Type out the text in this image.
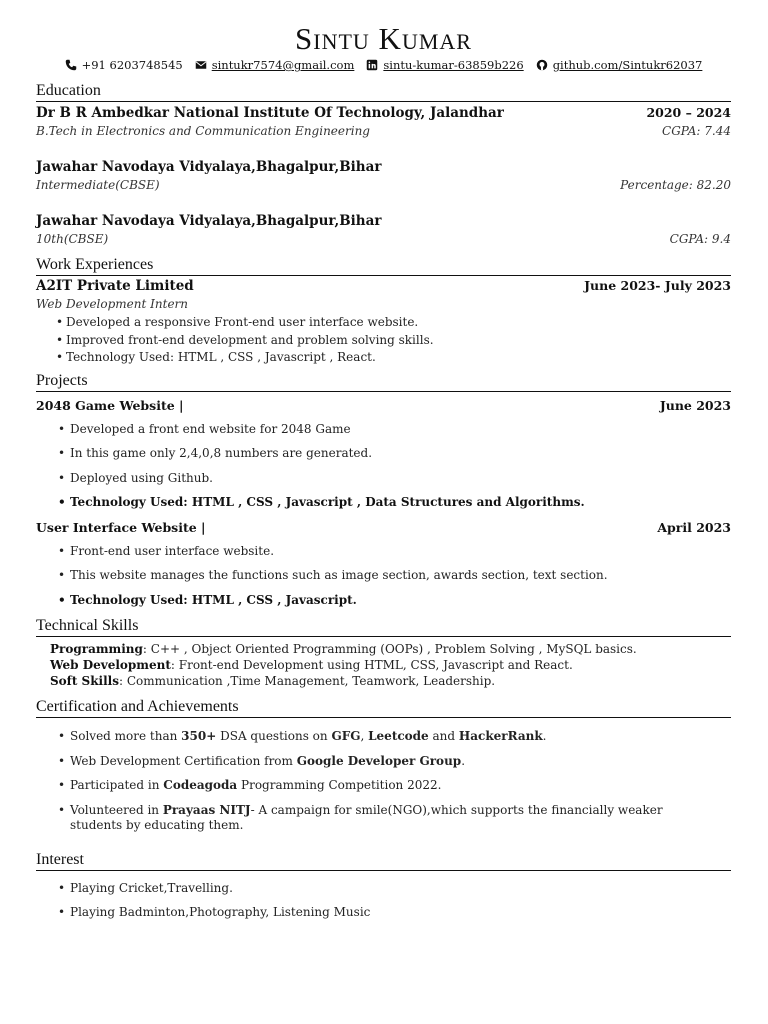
Sintu Kumar
+91 6203748545	sintukr7574@gmail.com	sintu-kumar-63859b226	github.com/Sintukr62037
Education
Dr B R Ambedkar National Institute Of Technology, Jalandhar	2020 – 2024
B.Tech in Electronics and Communication Engineering	CGPA: 7.44
Jawahar Navodaya Vidyalaya,Bhagalpur,Bihar
Intermediate(CBSE)	Percentage: 82.20
Jawahar Navodaya Vidyalaya,Bhagalpur,Bihar
10th(CBSE)	CGPA: 9.4
Work Experiences
A2IT Private Limited	June 2023- July 2023
Web Development Intern
• Developed a responsive Front-end user interface website.
• Improved front-end development and problem solving skills.
• Technology Used: HTML , CSS , Javascript , React.
Projects
2048 Game Website |	June 2023
• Developed a front end website for 2048 Game
• In this game only 2,4,0,8 numbers are generated.
• Deployed using Github.
• Technology Used: HTML , CSS , Javascript , Data Structures and Algorithms.
User Interface Website |	April 2023
• Front-end user interface website.
• This website manages the functions such as image section, awards section, text section.
• Technology Used: HTML , CSS , Javascript.
Technical Skills
Programming: C++ , Object Oriented Programming (OOPs) , Problem Solving , MySQL basics.
Web Development: Front-end Development using HTML, CSS, Javascript and React.
Soft Skills: Communication ,Time Management, Teamwork, Leadership.
Certification and Achievements
• Solved more than 350+ DSA questions on GFG, Leetcode and HackerRank.
• Web Development Certification from Google Developer Group.
• Participated in Codeagoda Programming Competition 2022.
• Volunteered in Prayaas NITJ- A campaign for smile(NGO),which supports the financially weaker students by educating them.
Interest
• Playing Cricket,Travelling.
• Playing Badminton,Photography, Listening Music
